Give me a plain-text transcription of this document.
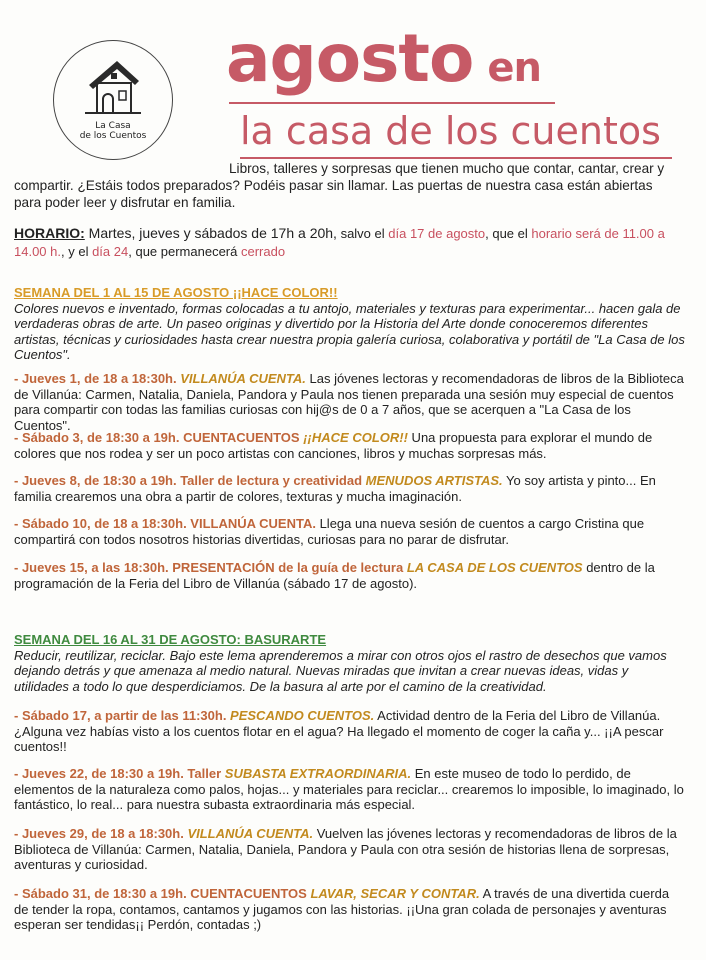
La Casa
de los Cuentos
agosto en
la casa de los cuentos
Libros, talleres y sorpresas que tienen mucho que contar, cantar, crear y
compartir. ¿Estáis todos preparados? Podéis pasar sin llamar. Las puertas de nuestra casa están abiertas
para poder leer y disfrutar en familia.
HORARIO: Martes, jueves y sábados de 17h a 20h, salvo el día 17 de agosto, que el horario será de 11.00 a 14.00 h., y el día 24, que permanecerá cerrado
SEMANA DEL 1 AL 15 DE AGOSTO ¡¡HACE COLOR!!
Colores nuevos e inventado, formas colocadas a tu antojo, materiales y texturas para experimentar... hacen gala de verdaderas obras de arte. Un paseo originas y divertido por la Historia del Arte donde conoceremos diferentes artistas, técnicas y curiosidades hasta crear nuestra propia galería curiosa, colaborativa y portátil de "La Casa de los Cuentos".
- Jueves 1, de 18 a 18:30h. VILLANÚA CUENTA. Las jóvenes lectoras y recomendadoras de libros de la Biblioteca de Villanúa: Carmen, Natalia, Daniela, Pandora y Paula nos tienen preparada una sesión muy especial de cuentos para compartir con todas las familias curiosas con hij@s de 0 a 7 años, que se acerquen a "La Casa de los Cuentos".
- Sábado 3, de 18:30 a 19h. CUENTACUENTOS ¡¡HACE COLOR!! Una propuesta para explorar el mundo de colores que nos rodea y ser un poco artistas con canciones, libros y muchas sorpresas más.
- Jueves 8, de 18:30 a 19h. Taller de lectura y creatividad MENUDOS ARTISTAS. Yo soy artista y pinto... En familia crearemos una obra a partir de colores, texturas y mucha imaginación.
- Sábado 10, de 18 a 18:30h. VILLANÚA CUENTA. Llega una nueva sesión de cuentos a cargo Cristina que compartirá con todos nosotros historias divertidas, curiosas para no parar de disfrutar.
- Jueves 15, a las 18:30h. PRESENTACIÓN de la guía de lectura LA CASA DE LOS CUENTOS dentro de la programación de la Feria del Libro de Villanúa (sábado 17 de agosto).
SEMANA DEL 16 AL 31 DE AGOSTO: BASURARTE
Reducir, reutilizar, reciclar. Bajo este lema aprenderemos a mirar con otros ojos el rastro de desechos que vamos dejando detrás y que amenaza al medio natural. Nuevas miradas que invitan a crear nuevas ideas, vidas y utilidades a todo lo que desperdiciamos. De la basura al arte por el camino de la creatividad.
- Sábado 17, a partir de las 11:30h. PESCANDO CUENTOS. Actividad dentro de la Feria del Libro de Villanúa. ¿Alguna vez habías visto a los cuentos flotar en el agua? Ha llegado el momento de coger la caña y... ¡¡A pescar cuentos!!
- Jueves 22, de 18:30 a 19h. Taller SUBASTA EXTRAORDINARIA. En este museo de todo lo perdido, de elementos de la naturaleza como palos, hojas... y materiales para reciclar... crearemos lo imposible, lo imaginado, lo fantástico, lo real... para nuestra subasta extraordinaria más especial.
- Jueves 29, de 18 a 18:30h. VILLANÚA CUENTA. Vuelven las jóvenes lectoras y recomendadoras de libros de la Biblioteca de Villanúa: Carmen, Natalia, Daniela, Pandora y Paula con otra sesión de historias llena de sorpresas, aventuras y curiosidad.
- Sábado 31, de 18:30 a 19h. CUENTACUENTOS LAVAR, SECAR Y CONTAR. A través de una divertida cuerda de tender la ropa, contamos, cantamos y jugamos con las historias. ¡¡Una gran colada de personajes y aventuras esperan ser tendidas¡¡ Perdón, contadas ;)
